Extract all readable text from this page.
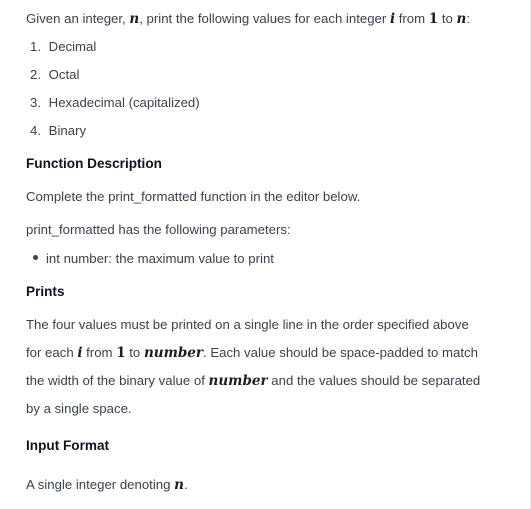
Given an integer, n, print the following values for each integer i from 1 to n:
1. Decimal
2. Octal
3. Hexadecimal (capitalized)
4. Binary
Function Description
Complete the print_formatted function in the editor below.
print_formatted has the following parameters:
int number: the maximum value to print
Prints
The four values must be printed on a single line in the order specified above
for each i from 1 to number. Each value should be space-padded to match
the width of the binary value of number and the values should be separated
by a single space.
Input Format
A single integer denoting n.
